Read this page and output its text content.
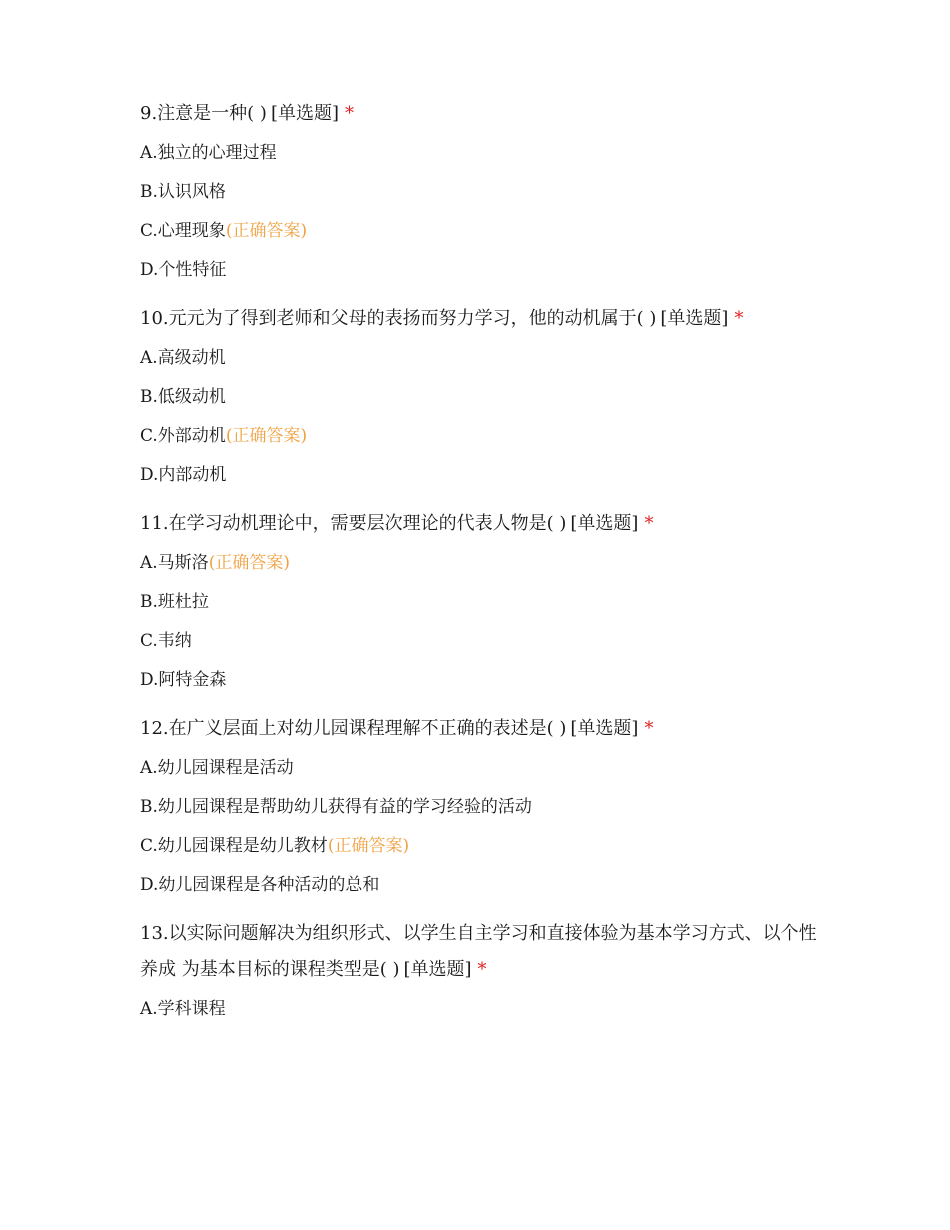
9.注意是一种( ) [单选题] *

A.独立的心理过程
B.认识风格
C.心理现象(正确答案)
D.个性特征

10.元元为了得到老师和父母的表扬而努力学习，他的动机属于( ) [单选题] *

A.高级动机
B.低级动机
C.外部动机(正确答案)
D.内部动机

11.在学习动机理论中，需要层次理论的代表人物是( ) [单选题] *

A.马斯洛(正确答案)
B.班杜拉
C.韦纳
D.阿特金森

12.在广义层面上对幼儿园课程理解不正确的表述是( ) [单选题] *

A.幼儿园课程是活动
B.幼儿园课程是帮助幼儿获得有益的学习经验的活动
C.幼儿园课程是幼儿教材(正确答案)
D.幼儿园课程是各种活动的总和

13.以实际问题解决为组织形式、以学生自主学习和直接体验为基本学习方式、以个性养成 为基本目标的课程类型是( ) [单选题] *

A.学科课程
